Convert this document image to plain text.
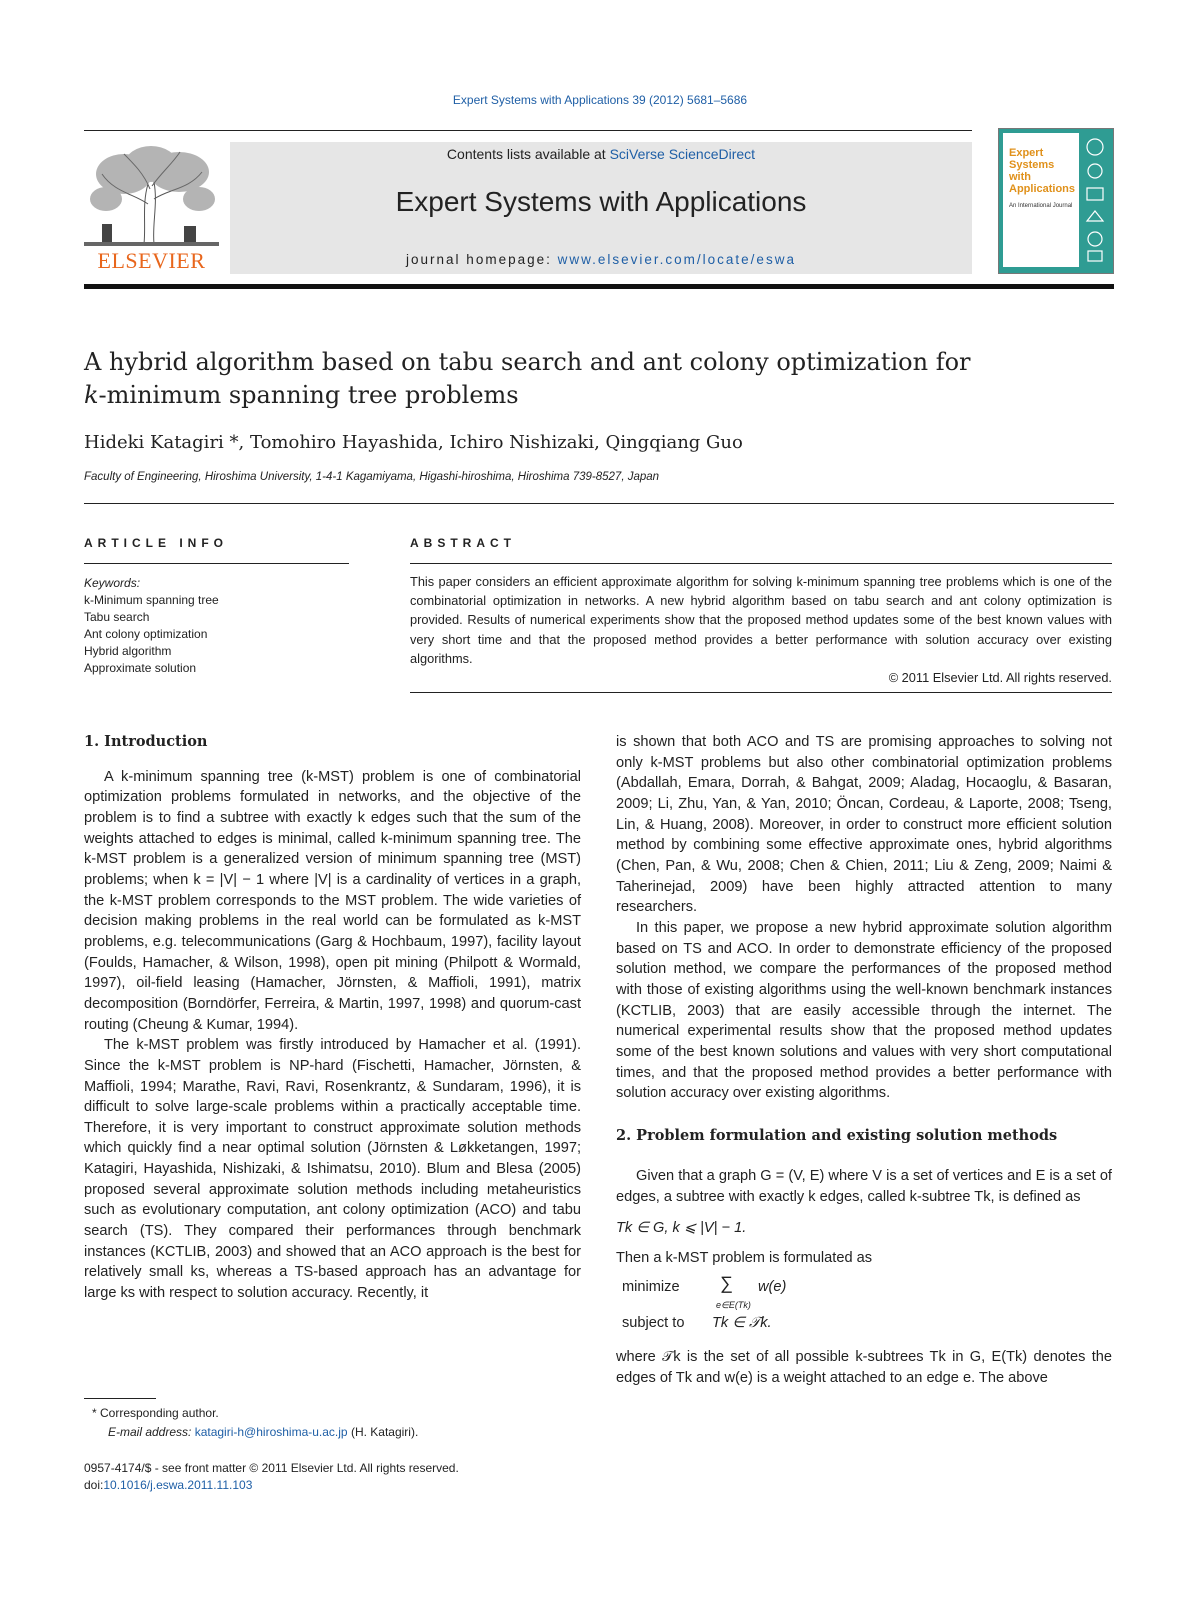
Expert Systems with Applications 39 (2012) 5681–5686
ELSEVIER
Contents lists available at SciVerse ScienceDirect
Expert Systems with Applications
journal homepage: www.elsevier.com/locate/eswa
Expert
Systems
with
Applications
An International Journal
A hybrid algorithm based on tabu search and ant colony optimization for
k-minimum spanning tree problems
Hideki Katagiri *, Tomohiro Hayashida, Ichiro Nishizaki, Qingqiang Guo
Faculty of Engineering, Hiroshima University, 1-4-1 Kagamiyama, Higashi-hiroshima, Hiroshima 739-8527, Japan
ARTICLE INFO
Keywords:
k-Minimum spanning tree
Tabu search
Ant colony optimization
Hybrid algorithm
Approximate solution
ABSTRACT
This paper considers an efficient approximate algorithm for solving k-minimum spanning tree problems which is one of the combinatorial optimization in networks. A new hybrid algorithm based on tabu search and ant colony optimization is provided. Results of numerical experiments show that the proposed method updates some of the best known values with very short time and that the proposed method provides a better performance with solution accuracy over existing algorithms.
© 2011 Elsevier Ltd. All rights reserved.
1. Introduction

A k-minimum spanning tree (k-MST) problem is one of combinatorial optimization problems formulated in networks, and the objective of the problem is to find a subtree with exactly k edges such that the sum of the weights attached to edges is minimal, called k-minimum spanning tree. The k-MST problem is a generalized version of minimum spanning tree (MST) problems; when k = |V| − 1 where |V| is a cardinality of vertices in a graph, the k-MST problem corresponds to the MST problem. The wide varieties of decision making problems in the real world can be formulated as k-MST problems, e.g. telecommunications (Garg & Hochbaum, 1997), facility layout (Foulds, Hamacher, & Wilson, 1998), open pit mining (Philpott & Wormald, 1997), oil-field leasing (Hamacher, Jörnsten, & Maffioli, 1991), matrix decomposition (Borndörfer, Ferreira, & Martin, 1997, 1998) and quorum-cast routing (Cheung & Kumar, 1994).

The k-MST problem was firstly introduced by Hamacher et al. (1991). Since the k-MST problem is NP-hard (Fischetti, Hamacher, Jörnsten, & Maffioli, 1994; Marathe, Ravi, Ravi, Rosenkrantz, & Sundaram, 1996), it is difficult to solve large-scale problems within a practically acceptable time. Therefore, it is very important to construct approximate solution methods which quickly find a near optimal solution (Jörnsten & Løkketangen, 1997; Katagiri, Hayashida, Nishizaki, & Ishimatsu, 2010). Blum and Blesa (2005) proposed several approximate solution methods including metaheuristics such as evolutionary computation, ant colony optimization (ACO) and tabu search (TS). They compared their performances through benchmark instances (KCTLIB, 2003) and showed that an ACO approach is the best for relatively small ks, whereas a TS-based approach has an advantage for large ks with respect to solution accuracy. Recently, it

* Corresponding author.
E-mail address: katagiri-h@hiroshima-u.ac.jp (H. Katagiri).
0957-4174/$ - see front matter © 2011 Elsevier Ltd. All rights reserved.
doi:10.1016/j.eswa.2011.11.103

is shown that both ACO and TS are promising approaches to solving not only k-MST problems but also other combinatorial optimization problems (Abdallah, Emara, Dorrah, & Bahgat, 2009; Aladag, Hocaoglu, & Basaran, 2009; Li, Zhu, Yan, & Yan, 2010; Öncan, Cordeau, & Laporte, 2008; Tseng, Lin, & Huang, 2008). Moreover, in order to construct more efficient solution method by combining some effective approximate ones, hybrid algorithms (Chen, Pan, & Wu, 2008; Chen & Chien, 2011; Liu & Zeng, 2009; Naimi & Taherinejad, 2009) have been highly attracted attention to many researchers.

In this paper, we propose a new hybrid approximate solution algorithm based on TS and ACO. In order to demonstrate efficiency of the proposed solution method, we compare the performances of the proposed method with those of existing algorithms using the well-known benchmark instances (KCTLIB, 2003) that are easily accessible through the internet. The numerical experimental results show that the proposed method updates some of the best known solutions and values with very short computational times, and that the proposed method provides a better performance with solution accuracy over existing algorithms.

2. Problem formulation and existing solution methods

Given that a graph G = (V, E) where V is a set of vertices and E is a set of edges, a subtree with exactly k edges, called k-subtree Tk, is defined as

Tk ∈ G, k ⩽ |V| − 1.

Then a k-MST problem is formulated as

minimize ∑
e∈E(Tk)
w(e)
subject to Tk ∈ 𝒯k.

where 𝒯k is the set of all possible k-subtrees Tk in G, E(Tk) denotes the edges of Tk and w(e) is a weight attached to an edge e. The above
